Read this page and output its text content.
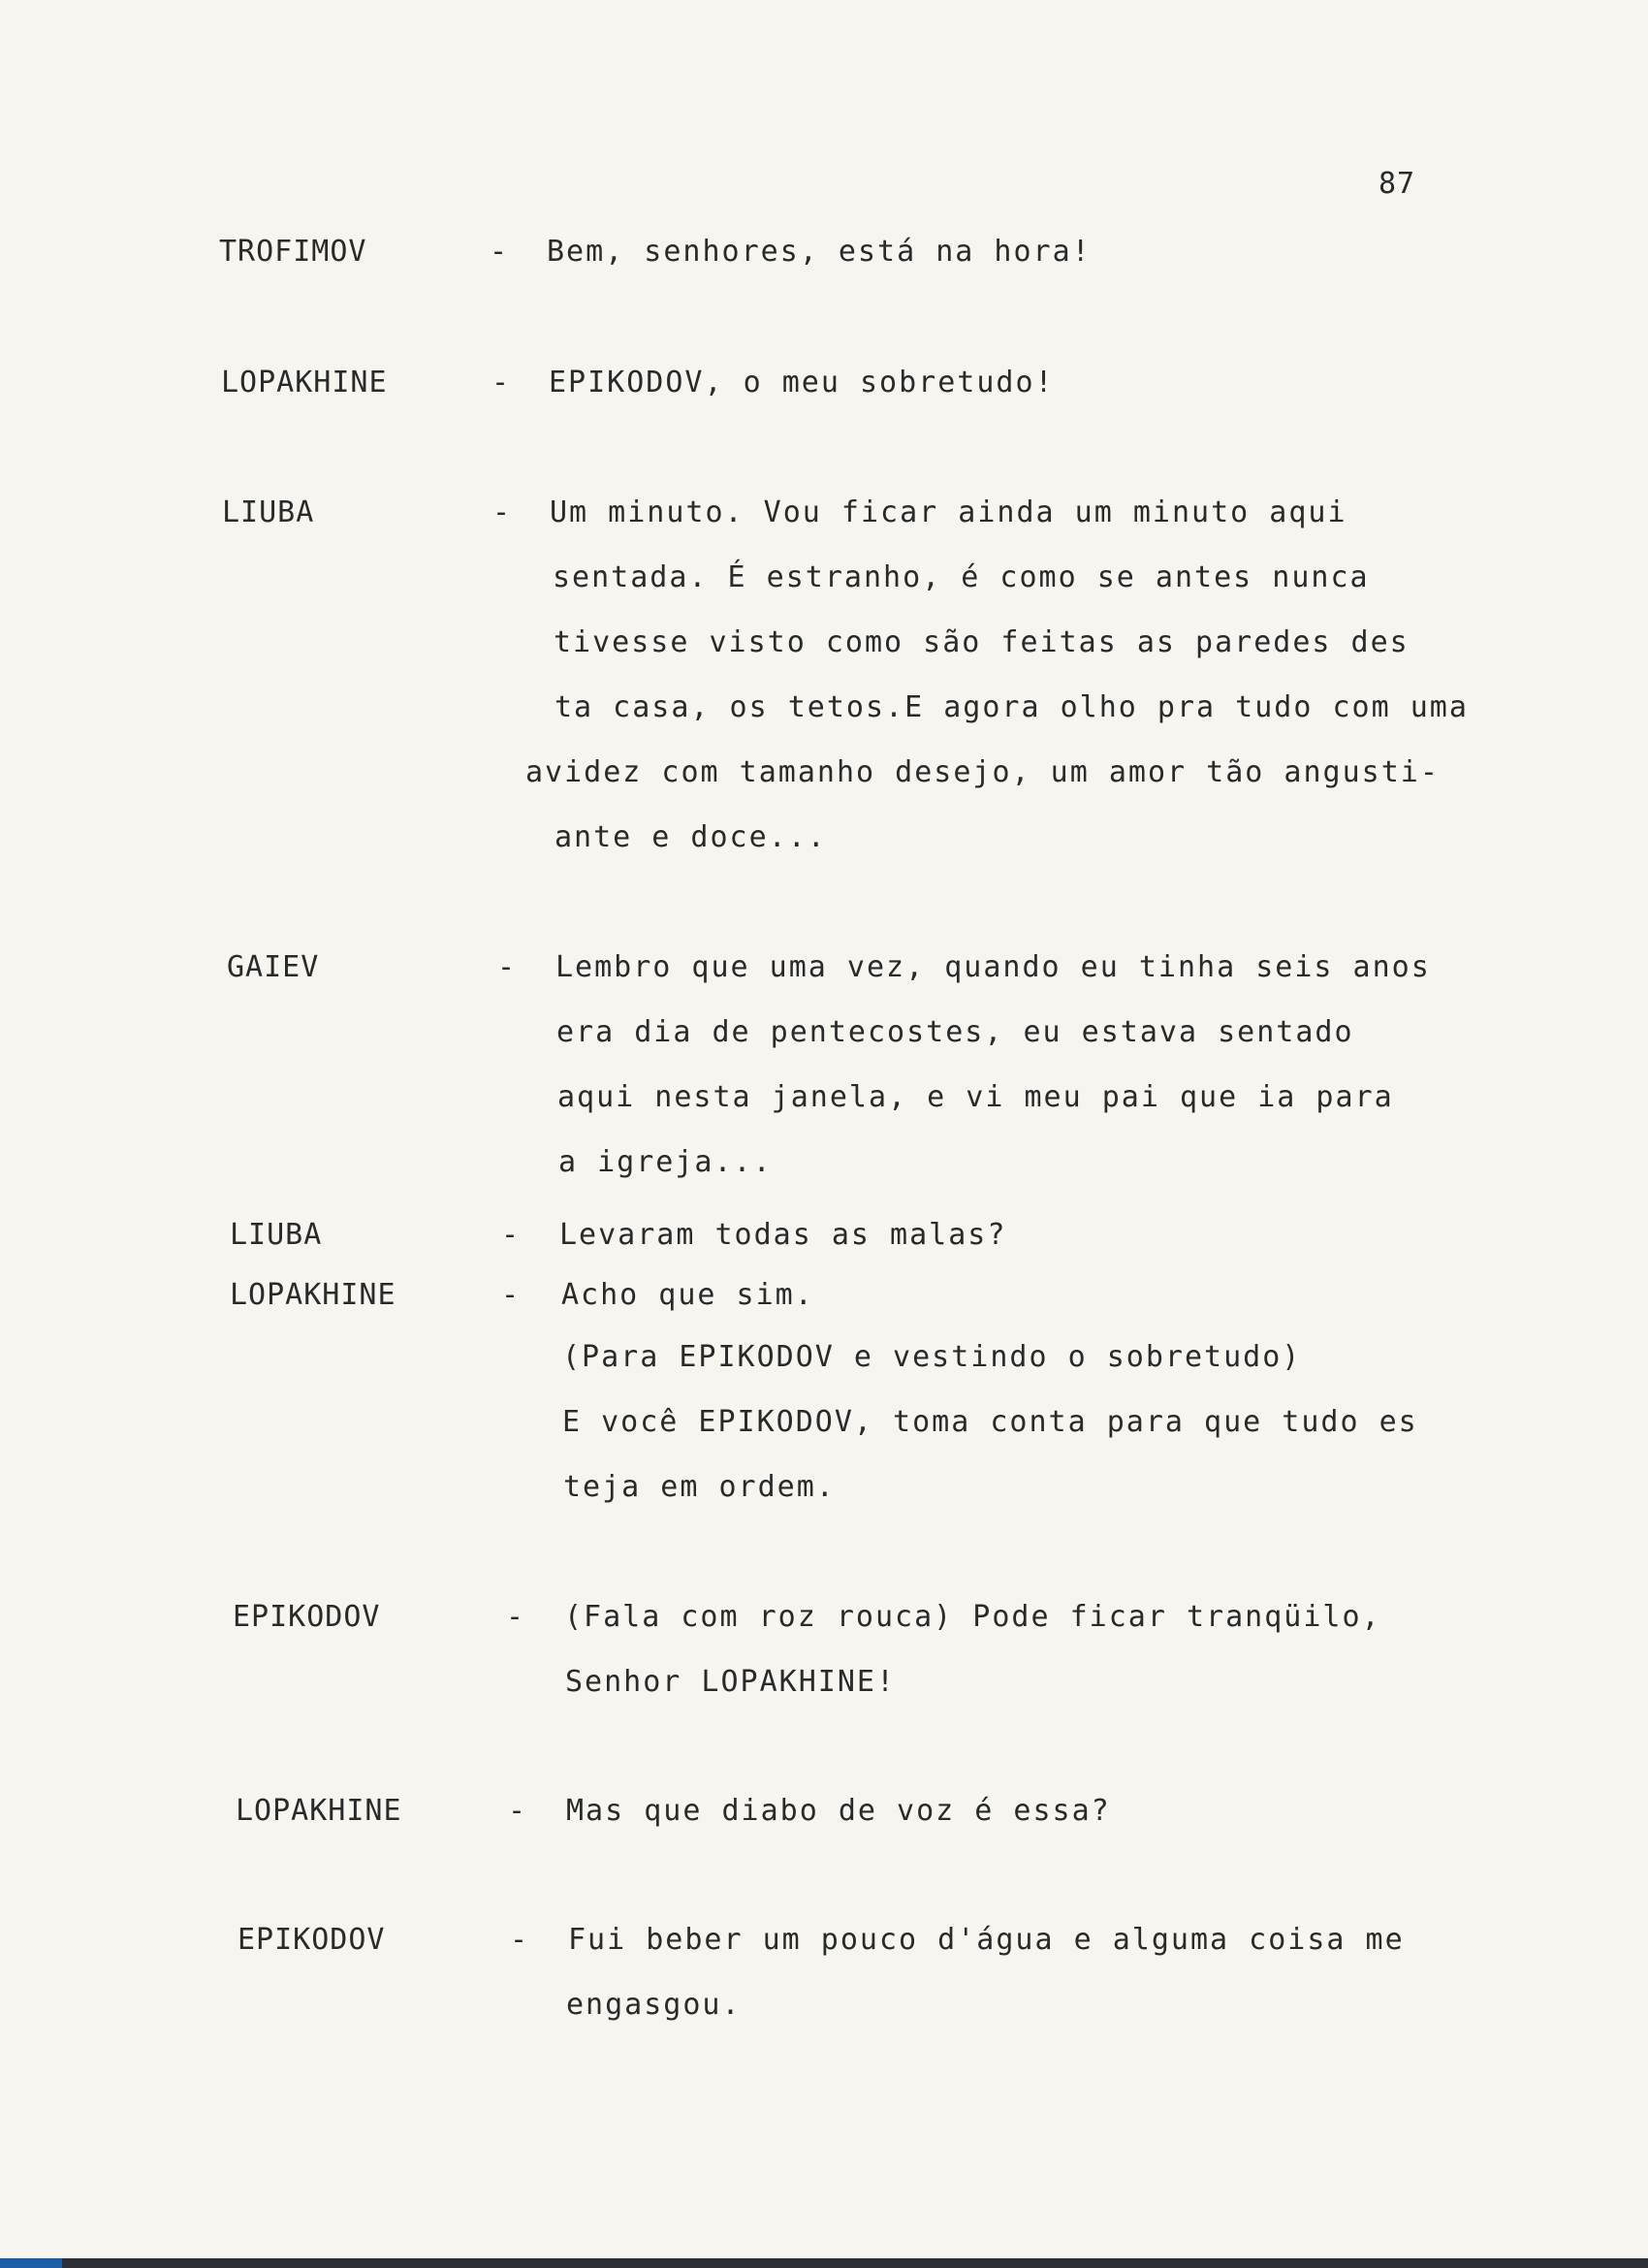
87
TROFIMOV	- Bem, senhores, está na hora!
LOPAKHINE	- EPIKODOV, o meu sobretudo!
LIUBA	- Um minuto. Vou ficar ainda um minuto aqui
sentada. É estranho, é como se antes nunca
tivesse visto como são feitas as paredes des
ta casa, os tetos.E agora olho pra tudo com uma
avidez com tamanho desejo, um amor tão angusti-
ante e doce...
GAIEV	- Lembro que uma vez, quando eu tinha seis anos
era dia de pentecostes, eu estava sentado
aqui nesta janela, e vi meu pai que ia para
a igreja...
LIUBA	- Levaram todas as malas?
LOPAKHINE	- Acho que sim.
(Para EPIKODOV e vestindo o sobretudo)
E você EPIKODOV, toma conta para que tudo es
teja em ordem.
EPIKODOV	- (Fala com roz rouca) Pode ficar tranqüilo,
Senhor LOPAKHINE!
LOPAKHINE	- Mas que diabo de voz é essa?
EPIKODOV	- Fui beber um pouco d'água e alguma coisa me
engasgou.
